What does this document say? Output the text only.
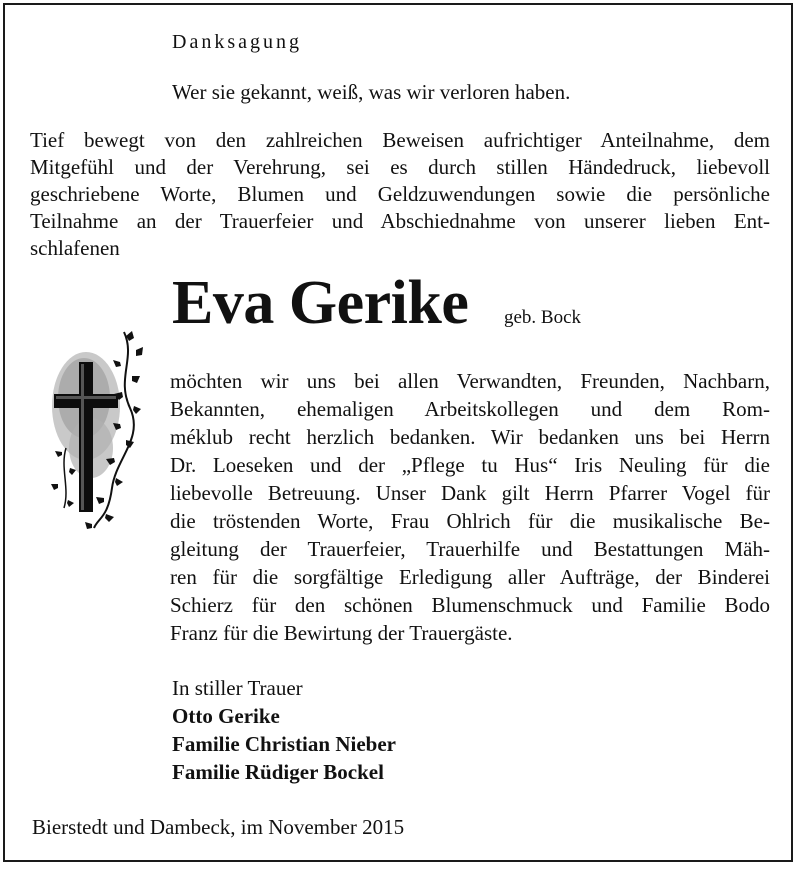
Danksagung
Wer sie gekannt, weiß, was wir verloren haben.
Tief bewegt von den zahlreichen Beweisen aufrichtiger Anteilnahme, dem
Mitgefühl und der Verehrung, sei es durch stillen Händedruck, liebevoll
geschriebene Worte, Blumen und Geldzuwendungen sowie die persönliche
Teilnahme an der Trauerfeier und Abschiednahme von unserer lieben Ent-
schlafenen
Eva Gerike geb. Bock
möchten wir uns bei allen Verwandten, Freunden, Nachbarn,
Bekannten, ehemaligen Arbeitskollegen und dem Rom-
méklub recht herzlich bedanken. Wir bedanken uns bei Herrn
Dr. Loeseken und der „Pflege tu Hus“ Iris Neuling für die
liebevolle Betreuung. Unser Dank gilt Herrn Pfarrer Vogel für
die tröstenden Worte, Frau Ohlrich für die musikalische Be-
gleitung der Trauerfeier, Trauerhilfe und Bestattungen Mäh-
ren für die sorgfältige Erledigung aller Aufträge, der Binderei
Schierz für den schönen Blumenschmuck und Familie Bodo
Franz für die Bewirtung der Trauergäste.
In stiller Trauer
Otto Gerike
Familie Christian Nieber
Familie Rüdiger Bockel
Bierstedt und Dambeck, im November 2015
